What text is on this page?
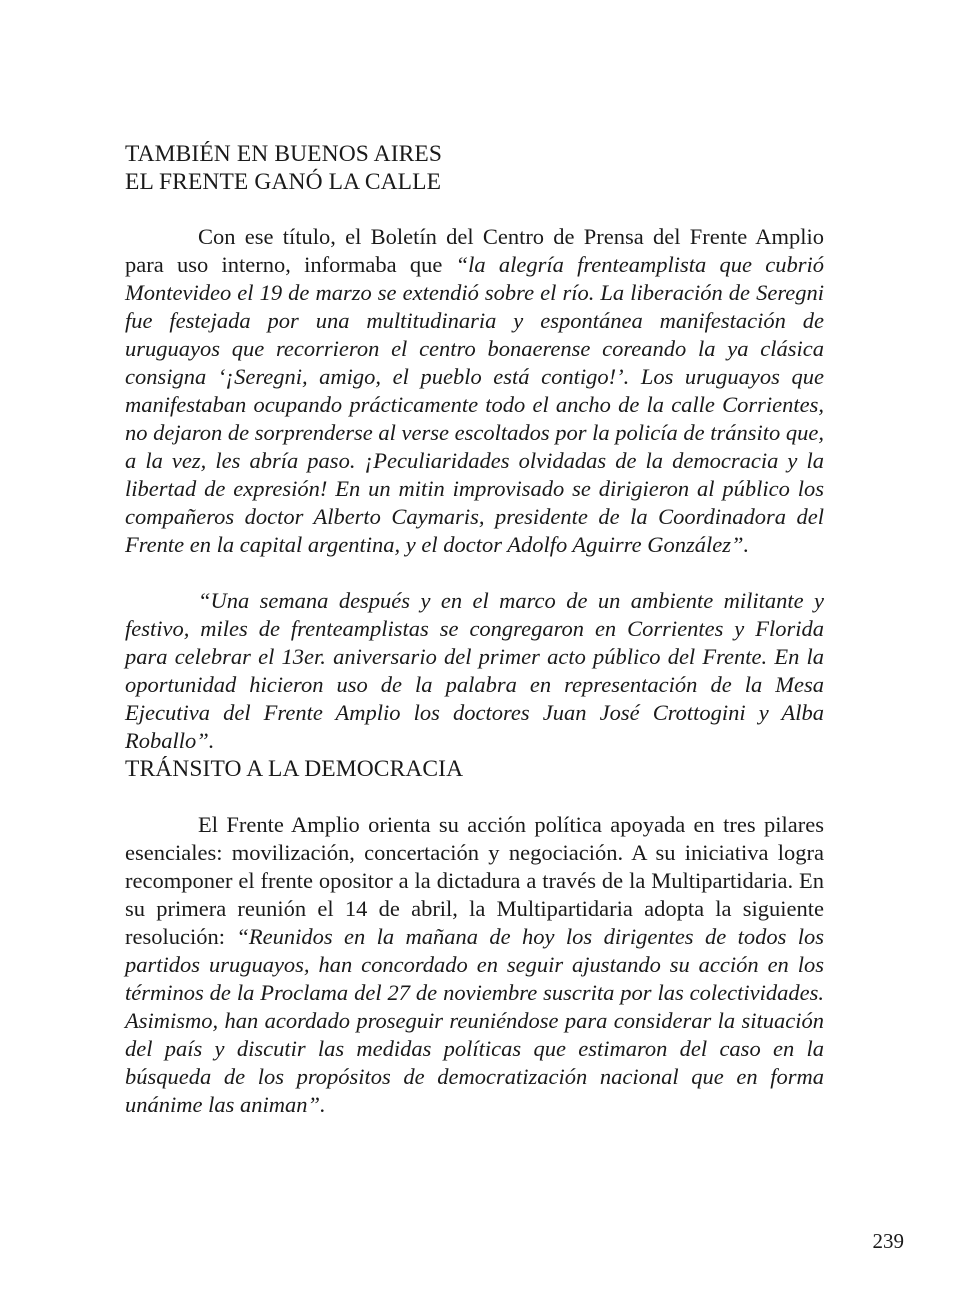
TAMBIÉN EN BUENOS AIRES

EL FRENTE GANÓ LA CALLE

Con ese título, el Boletín del Centro de Prensa del Frente Amplio para uso interno, informaba que “la alegría frenteamplista que cubrió Montevideo el 19 de marzo se extendió sobre el río. La liberación de Seregni fue festejada por una multitudinaria y espontánea manifestación de uruguayos que recorrieron el centro bonaerense coreando la ya clásica consigna ‘¡Seregni, amigo, el pueblo está contigo!’. Los uruguayos que manifestaban ocupando prácticamente todo el ancho de la calle Corrientes, no dejaron de sorprenderse al verse escoltados por la policía de tránsito que, a la vez, les abría paso. ¡Peculiaridades olvidadas de la democracia y la libertad de expresión! En un mitin improvisado se dirigieron al público los compañeros doctor Alberto Caymaris, presidente de la Coordinadora del Frente en la capital argentina, y el doctor Adolfo Aguirre González”.

“Una semana después y en el marco de un ambiente militante y festivo, miles de frenteamplistas se congregaron en Corrientes y Florida para celebrar el 13er. aniversario del primer acto público del Frente. En la oportunidad hicieron uso de la palabra en representación de la Mesa Ejecutiva del Frente Amplio los doctores Juan José Crottogini y Alba Roballo”.

TRÁNSITO A LA DEMOCRACIA

El Frente Amplio orienta su acción política apoyada en tres pilares esenciales: movilización, concertación y negociación. A su iniciativa logra recomponer el frente opositor a la dictadura a través de la Multipartidaria. En su primera reunión el 14 de abril, la Multipartidaria adopta la siguiente resolución: “Reunidos en la mañana de hoy los dirigentes de todos los partidos uruguayos, han concordado en seguir ajustando su acción en los términos de la Proclama del 27 de noviembre suscrita por las colectividades. Asimismo, han acordado proseguir reuniéndose para considerar la situación del país y discutir las medidas políticas que estimaron del caso en la búsqueda de los propósitos de democratización nacional que en forma unánime las animan”.

239
